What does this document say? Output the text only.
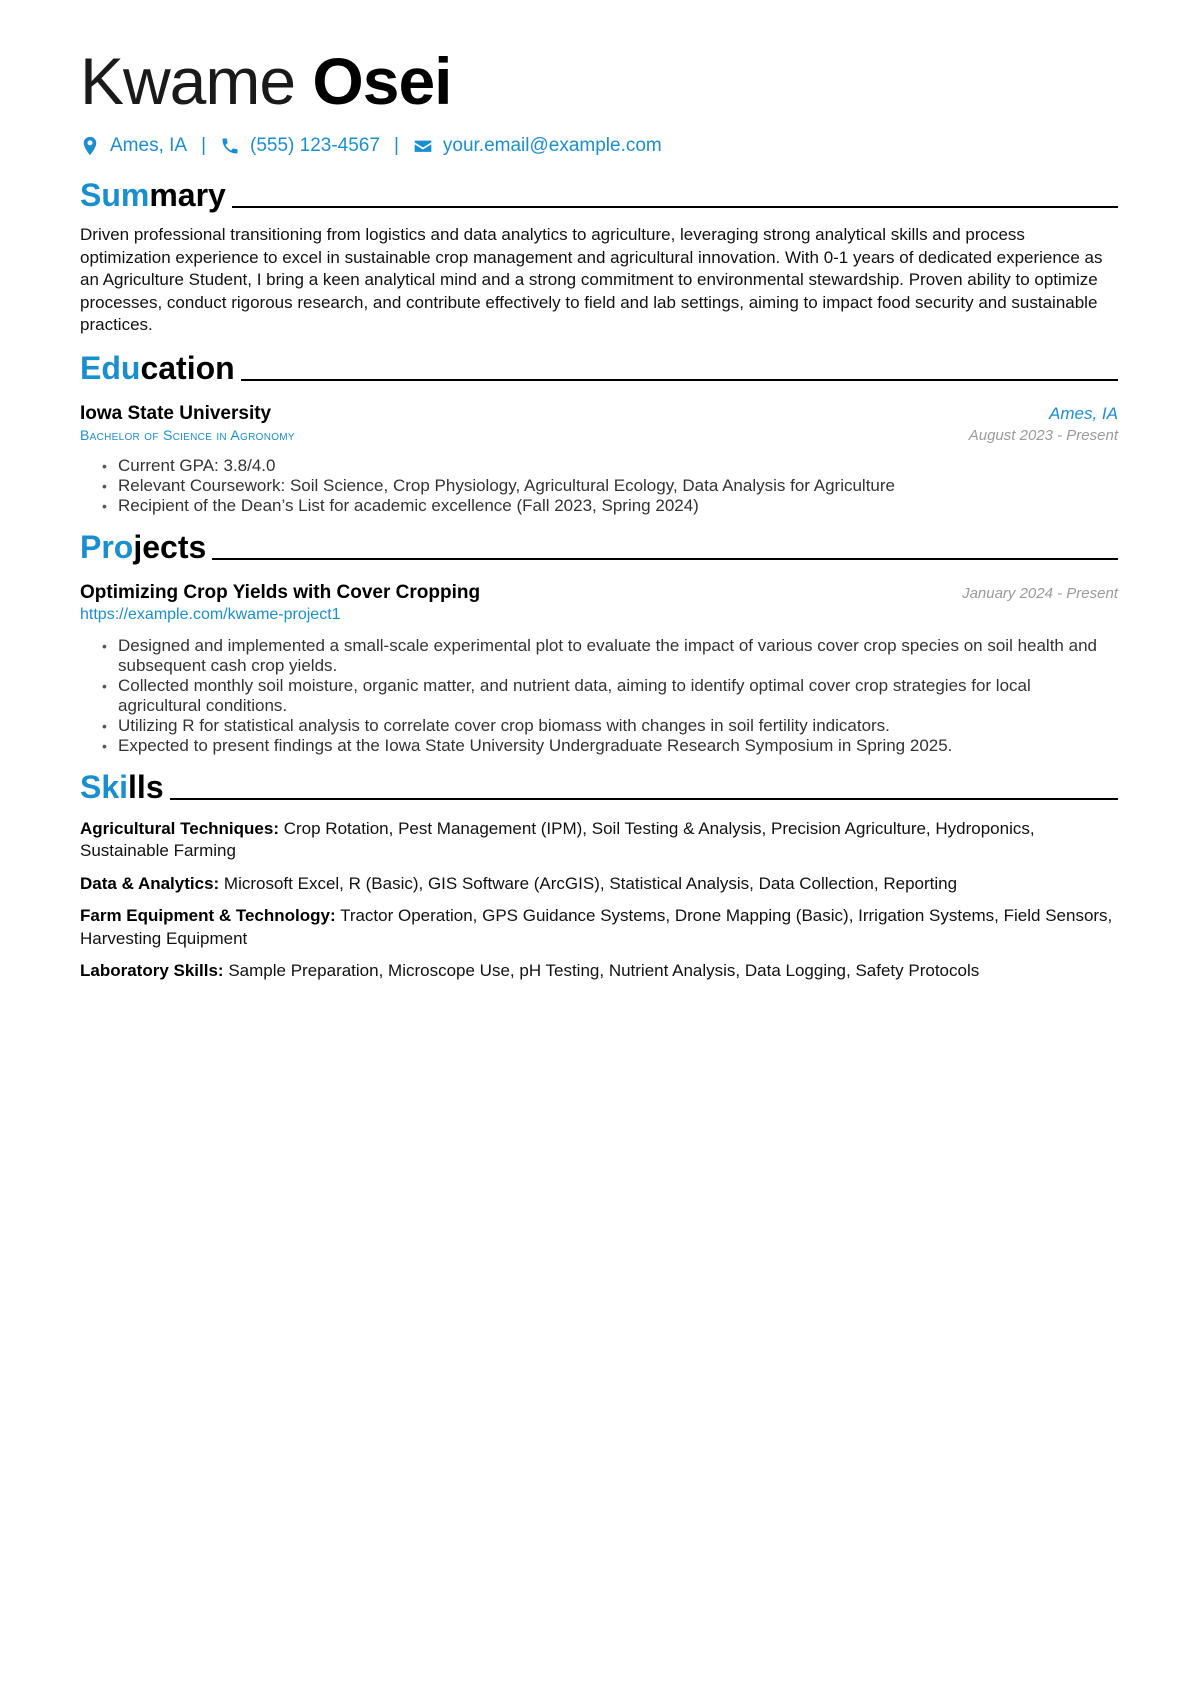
Kwame Osei
Ames, IA | (555) 123-4567 | your.email@example.com
Sum mary
Driven professional transitioning from logistics and data analytics to agriculture, leveraging strong analytical skills and process optimization experience to excel in sustainable crop management and agricultural innovation. With 0-1 years of dedicated experience as an Agriculture Student, I bring a keen analytical mind and a strong commitment to environmental stewardship. Proven ability to optimize processes, conduct rigorous research, and contribute effectively to field and lab settings, aiming to impact food security and sustainable practices.
Edu cation
Iowa State University	Ames, IA
Bachelor of Science in Agronomy	August 2023 - Present
• Current GPA: 3.8/4.0
• Relevant Coursework: Soil Science, Crop Physiology, Agricultural Ecology, Data Analysis for Agriculture
• Recipient of the Dean’s List for academic excellence (Fall 2023, Spring 2024)
Pro jects
Optimizing Crop Yields with Cover Cropping	January 2024 - Present
https://example.com/kwame-project1
• Designed and implemented a small-scale experimental plot to evaluate the impact of various cover crop species on soil health and subsequent cash crop yields.
• Collected monthly soil moisture, organic matter, and nutrient data, aiming to identify optimal cover crop strategies for local agricultural conditions.
• Utilizing R for statistical analysis to correlate cover crop biomass with changes in soil fertility indicators.
• Expected to present findings at the Iowa State University Undergraduate Research Symposium in Spring 2025.
Ski lls
Agricultural Techniques: Crop Rotation, Pest Management (IPM), Soil Testing & Analysis, Precision Agriculture, Hydroponics, Sustainable Farming
Data & Analytics: Microsoft Excel, R (Basic), GIS Software (ArcGIS), Statistical Analysis, Data Collection, Reporting
Farm Equipment & Technology: Tractor Operation, GPS Guidance Systems, Drone Mapping (Basic), Irrigation Systems, Field Sensors, Harvesting Equipment
Laboratory Skills: Sample Preparation, Microscope Use, pH Testing, Nutrient Analysis, Data Logging, Safety Protocols
